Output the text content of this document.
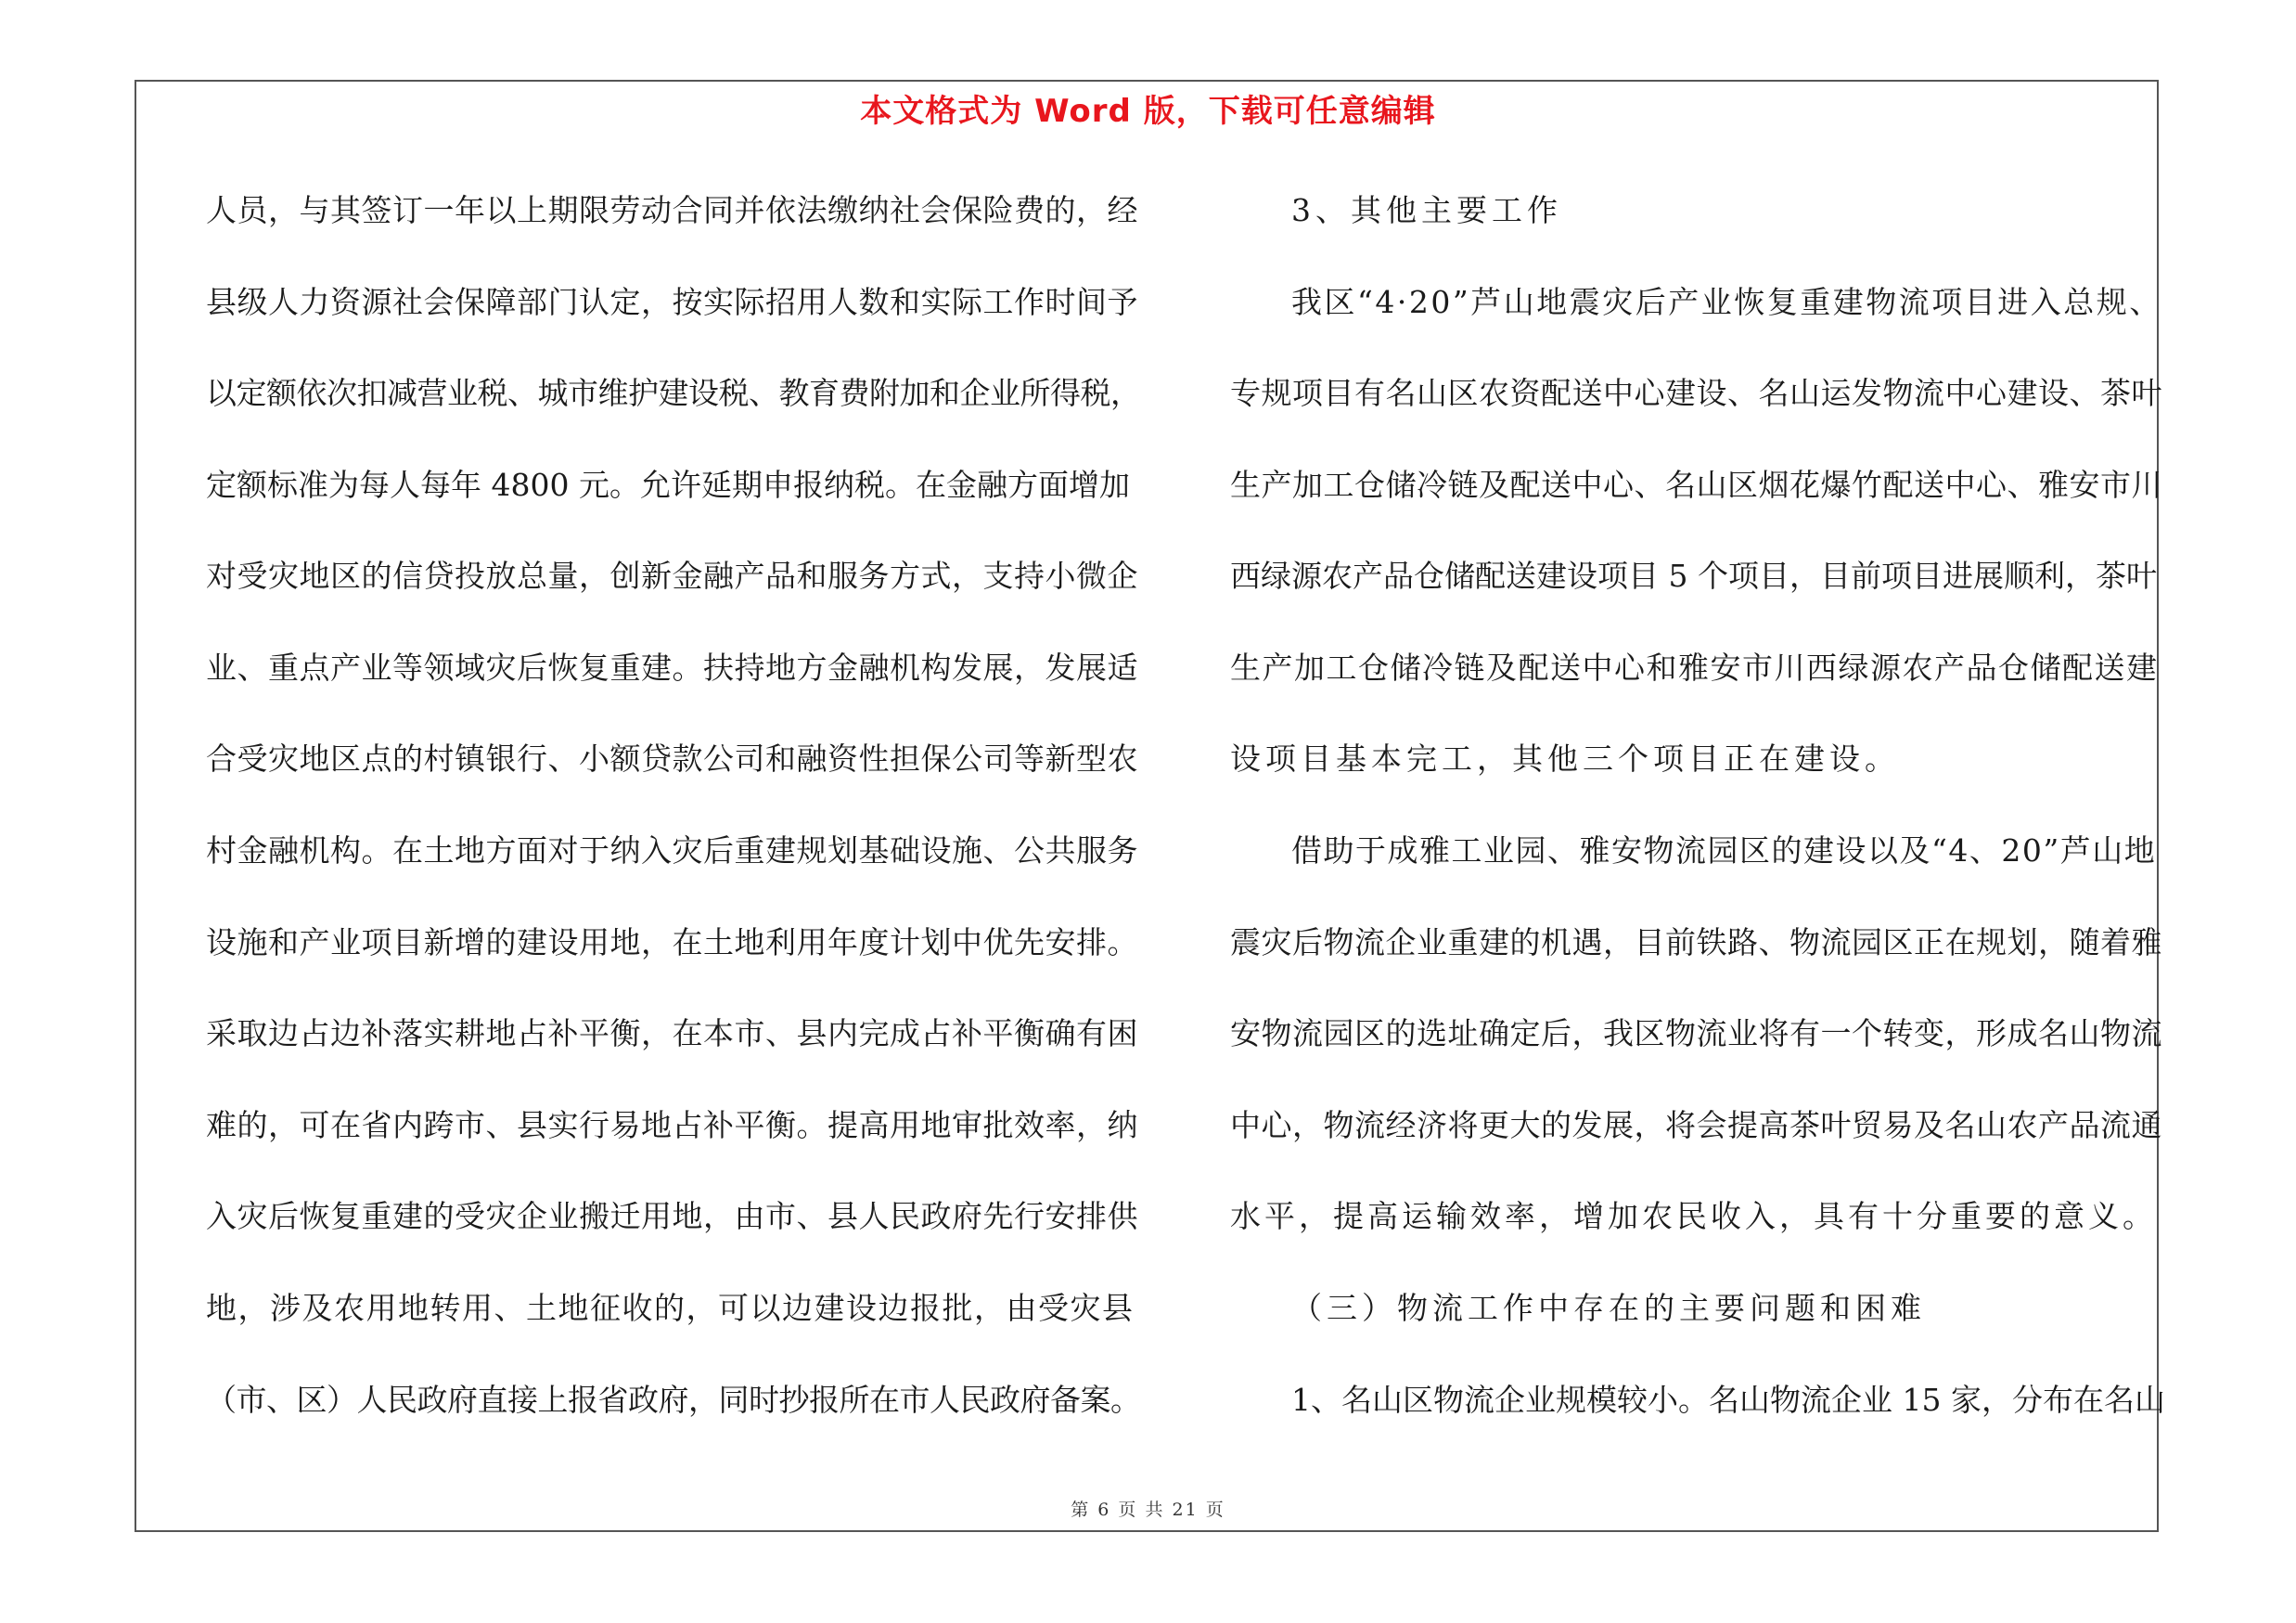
本文格式为 Word 版，下载可任意编辑
人员，与其签订一年以上期限劳动合同并依法缴纳社会保险费的，经
县级人力资源社会保障部门认定，按实际招用人数和实际工作时间予
以定额依次扣减营业税、城市维护建设税、教育费附加和企业所得税，
定额标准为每人每年 4800 元。允许延期申报纳税。在金融方面增加
对受灾地区的信贷投放总量，创新金融产品和服务方式，支持小微企
业、重点产业等领域灾后恢复重建。扶持地方金融机构发展，发展适
合受灾地区点的村镇银行、小额贷款公司和融资性担保公司等新型农
村金融机构。在土地方面对于纳入灾后重建规划基础设施、公共服务
设施和产业项目新增的建设用地，在土地利用年度计划中优先安排。
采取边占边补落实耕地占补平衡，在本市、县内完成占补平衡确有困
难的，可在省内跨市、县实行易地占补平衡。提高用地审批效率，纳
入灾后恢复重建的受灾企业搬迁用地，由市、县人民政府先行安排供
地，涉及农用地转用、土地征收的，可以边建设边报批，由受灾县
（市、区）人民政府直接上报省政府，同时抄报所在市人民政府备案。
3、其他主要工作
我区“4·20”芦山地震灾后产业恢复重建物流项目进入总规、
专规项目有名山区农资配送中心建设、名山运发物流中心建设、茶叶
生产加工仓储冷链及配送中心、名山区烟花爆竹配送中心、雅安市川
西绿源农产品仓储配送建设项目 5 个项目，目前项目进展顺利，茶叶
生产加工仓储冷链及配送中心和雅安市川西绿源农产品仓储配送建
设项目基本完工，其他三个项目正在建设。
借助于成雅工业园、雅安物流园区的建设以及“4、20”芦山地
震灾后物流企业重建的机遇，目前铁路、物流园区正在规划，随着雅
安物流园区的选址确定后，我区物流业将有一个转变，形成名山物流
中心，物流经济将更大的发展，将会提高茶叶贸易及名山农产品流通
水平，提高运输效率，增加农民收入，具有十分重要的意义。
（三）物流工作中存在的主要问题和困难
1、名山区物流企业规模较小。名山物流企业 15 家，分布在名山
第 6 页 共 21 页
